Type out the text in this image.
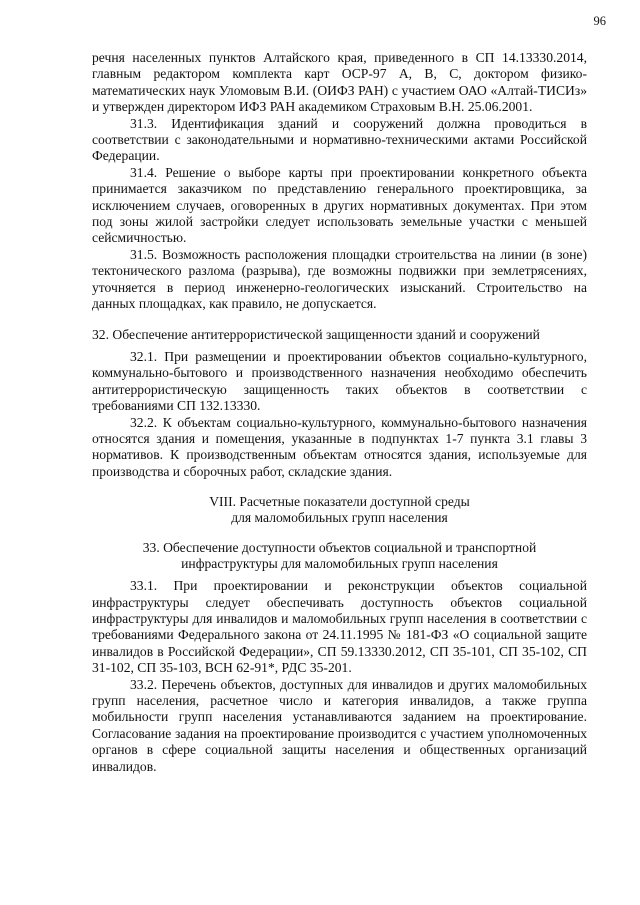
96

речня населенных пунктов Алтайского края, приведенного в СП 14.13330.2014, главным редактором комплекта карт ОСР-97 А, В, С, доктором физико-математических наук Уломовым В.И. (ОИФЗ РАН) с участием ОАО «Алтай-ТИСИз» и утвержден директором ИФЗ РАН академиком Страховым В.Н. 25.06.2001.

31.3. Идентификация зданий и сооружений должна проводиться в соответствии с законодательными и нормативно-техническими актами Российской Федерации.

31.4. Решение о выборе карты при проектировании конкретного объекта принимается заказчиком по представлению генерального проектировщика, за исключением случаев, оговоренных в других нормативных документах. При этом под зоны жилой застройки следует использовать земельные участки с меньшей сейсмичностью.

31.5. Возможность расположения площадки строительства на линии (в зоне) тектонического разлома (разрыва), где возможны подвижки при землетрясениях, уточняется в период инженерно-геологических изысканий. Строительство на данных площадках, как правило, не допускается.

32. Обеспечение антитеррористической защищенности зданий и сооружений

32.1. При размещении и проектировании объектов социально-культурного, коммунально-бытового и производственного назначения необходимо обеспечить антитеррористическую защищенность таких объектов в соответствии с требованиями СП 132.13330.

32.2. К объектам социально-культурного, коммунально-бытового назначения относятся здания и помещения, указанные в подпунктах 1-7 пункта 3.1 главы 3 нормативов. К производственным объектам относятся здания, используемые для производства и сборочных работ, складские здания.

VIII. Расчетные показатели доступной среды
для маломобильных групп населения
33. Обеспечение доступности объектов социальной и транспортной
инфраструктуры для маломобильных групп населения

33.1. При проектировании и реконструкции объектов социальной инфраструктуры следует обеспечивать доступность объектов социальной инфраструктуры для инвалидов и маломобильных групп населения в соответствии с требованиями Федерального закона от 24.11.1995 № 181-ФЗ «О социальной защите инвалидов в Российской Федерации», СП 59.13330.2012, СП 35-101, СП 35-102, СП 31-102, СП 35-103, ВСН 62-91*, РДС 35-201.

33.2. Перечень объектов, доступных для инвалидов и других маломобильных групп населения, расчетное число и категория инвалидов, а также группа мобильности групп населения устанавливаются заданием на проектирование. Согласование задания на проектирование производится с участием уполномоченных органов в сфере социальной защиты населения и общественных организаций инвалидов.
